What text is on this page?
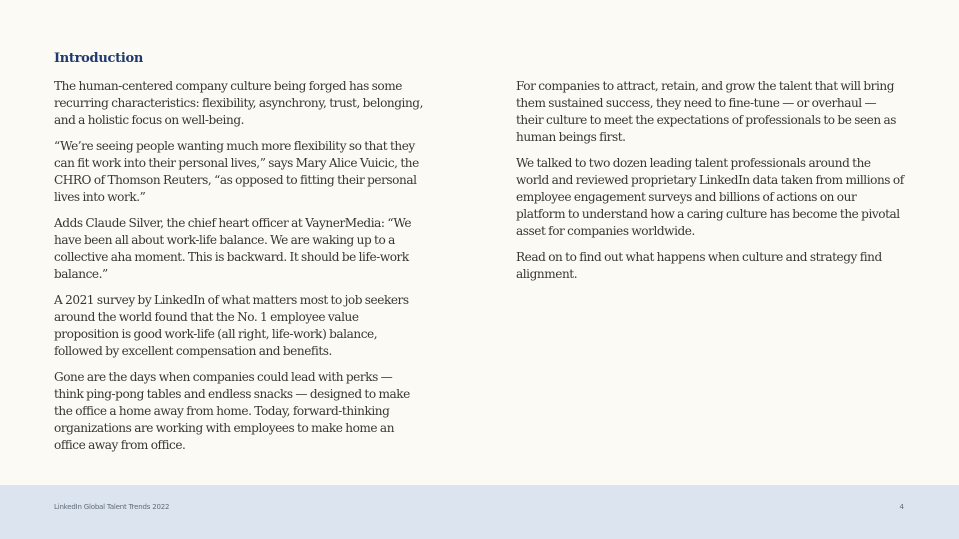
Introduction

The human-centered company culture being forged has some recurring characteristics: flexibility, asynchrony, trust, belonging, and a holistic focus on well-being.

“We’re seeing people wanting much more flexibility so that they can fit work into their personal lives,” says Mary Alice Vuicic, the CHRO of Thomson Reuters, “as opposed to fitting their personal lives into work.”

Adds Claude Silver, the chief heart officer at VaynerMedia: “We have been all about work-life balance. We are waking up to a collective aha moment. This is backward. It should be life-work balance.”

A 2021 survey by LinkedIn of what matters most to job seekers around the world found that the No. 1 employee value proposition is good work-life (all right, life-work) balance, followed by excellent compensation and benefits.

Gone are the days when companies could lead with perks — think ping-pong tables and endless snacks — designed to make the office a home away from home. Today, forward-thinking organizations are working with employees to make home an office away from office.

For companies to attract, retain, and grow the talent that will bring them sustained success, they need to fine-tune — or overhaul — their culture to meet the expectations of professionals to be seen as human beings first.

We talked to two dozen leading talent professionals around the world and reviewed proprietary LinkedIn data taken from millions of employee engagement surveys and billions of actions on our platform to understand how a caring culture has become the pivotal asset for companies worldwide.

Read on to find out what happens when culture and strategy find alignment.

LinkedIn Global Talent Trends 2022	4
